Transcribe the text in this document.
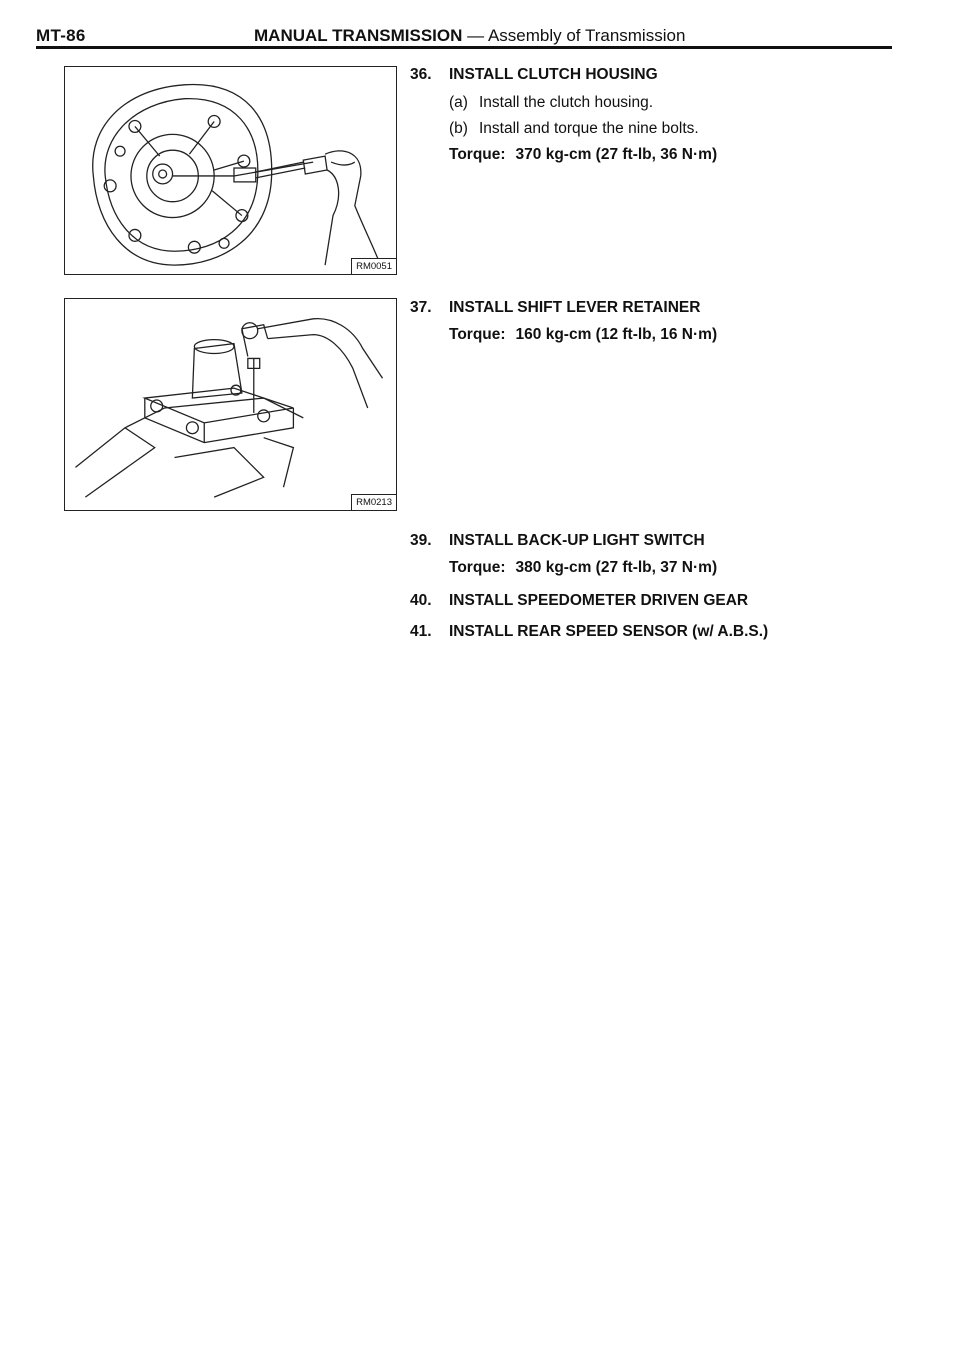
MT-86	MANUAL TRANSMISSION — Assembly of Transmission
RM0051
RM0213
36. INSTALL CLUTCH HOUSING
(a) Install the clutch housing.
(b) Install and torque the nine bolts.
Torque: 370 kg-cm (27 ft-lb, 36 N·m)
37. INSTALL SHIFT LEVER RETAINER
Torque: 160 kg-cm (12 ft-lb, 16 N·m)
39. INSTALL BACK-UP LIGHT SWITCH
Torque: 380 kg-cm (27 ft-lb, 37 N·m)
40. INSTALL SPEEDOMETER DRIVEN GEAR
41. INSTALL REAR SPEED SENSOR (w/ A.B.S.)
